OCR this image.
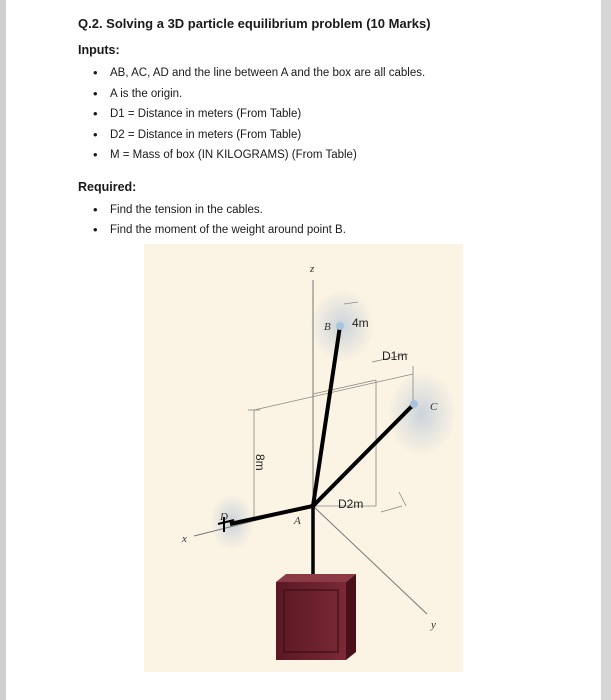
Q.2. Solving a 3D particle equilibrium problem (10 Marks)

Inputs:
• AB, AC, AD and the line between A and the box are all cables.
• A is the origin.
• D1 = Distance in meters (From Table)
• D2 = Distance in meters (From Table)
• M = Mass of box (IN KILOGRAMS) (From Table)
Required:
• Find the tension in the cables.
• Find the moment of the weight around point B.
z
x
y
B
C
D	A
4m
D1m
8m
D2m
